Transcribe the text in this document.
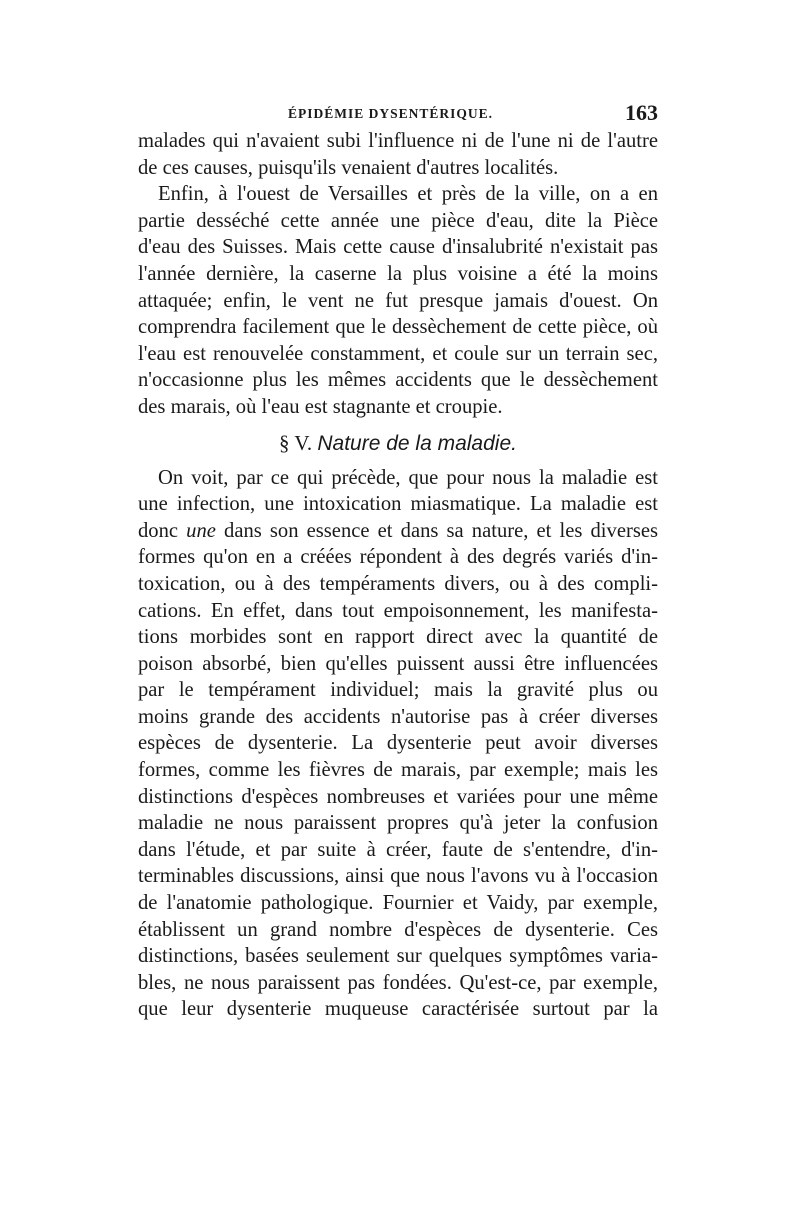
ÉPIDÉMIE DYSENTÉRIQUE.	163
malades qui n'avaient subi l'influence ni de l'une ni de l'autre
de ces causes, puisqu'ils venaient d'autres localités.
Enfin, à l'ouest de Versailles et près de la ville, on a en
partie desséché cette année une pièce d'eau, dite la Pièce
d'eau des Suisses. Mais cette cause d'insalubrité n'existait pas
l'année dernière, la caserne la plus voisine a été la moins
attaquée; enfin, le vent ne fut presque jamais d'ouest. On
comprendra facilement que le dessèchement de cette pièce, où
l'eau est renouvelée constamment, et coule sur un terrain sec,
n'occasionne plus les mêmes accidents que le dessèchement
des marais, où l'eau est stagnante et croupie.
§ V. Nature de la maladie.
On voit, par ce qui précède, que pour nous la maladie est
une infection, une intoxication miasmatique. La maladie est
donc une dans son essence et dans sa nature, et les diverses
formes qu'on en a créées répondent à des degrés variés d'in-
toxication, ou à des tempéraments divers, ou à des compli-
cations. En effet, dans tout empoisonnement, les manifesta-
tions morbides sont en rapport direct avec la quantité de
poison absorbé, bien qu'elles puissent aussi être influencées
par le tempérament individuel; mais la gravité plus ou
moins grande des accidents n'autorise pas à créer diverses
espèces de dysenterie. La dysenterie peut avoir diverses
formes, comme les fièvres de marais, par exemple; mais les
distinctions d'espèces nombreuses et variées pour une même
maladie ne nous paraissent propres qu'à jeter la confusion
dans l'étude, et par suite à créer, faute de s'entendre, d'in-
terminables discussions, ainsi que nous l'avons vu à l'occasion
de l'anatomie pathologique. Fournier et Vaidy, par exemple,
établissent un grand nombre d'espèces de dysenterie. Ces
distinctions, basées seulement sur quelques symptômes varia-
bles, ne nous paraissent pas fondées. Qu'est-ce, par exemple,
que leur dysenterie muqueuse caractérisée surtout par la
